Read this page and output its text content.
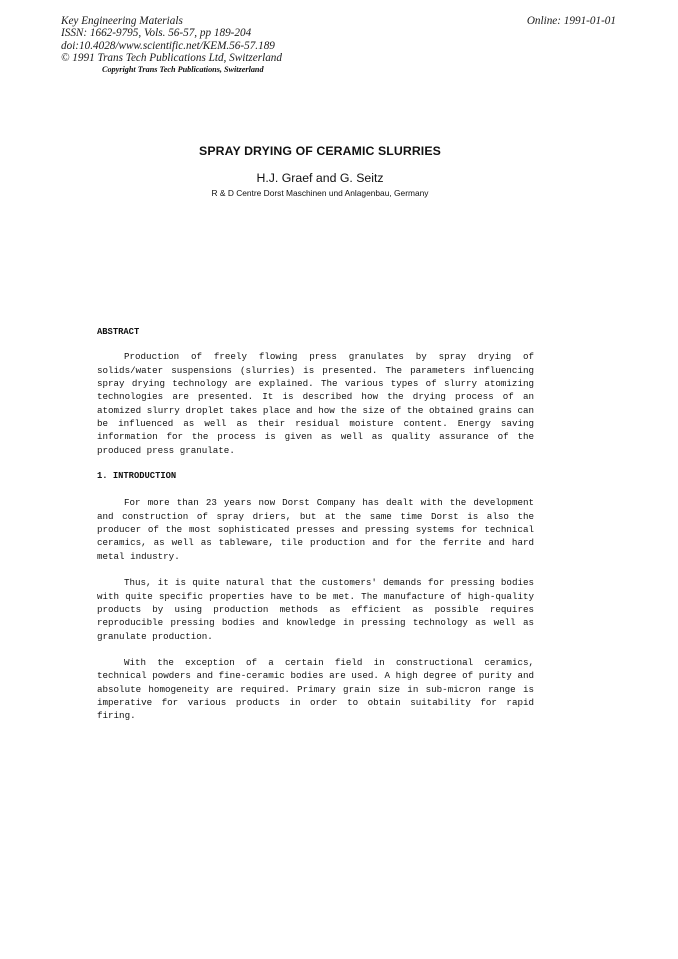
Key Engineering Materials
ISSN: 1662-9795, Vols. 56-57, pp 189-204
doi:10.4028/www.scientific.net/KEM.56-57.189
© 1991 Trans Tech Publications Ltd, Switzerland
Copyright Trans Tech Publications, Switzerland
Online: 1991-01-01
SPRAY DRYING OF CERAMIC SLURRIES
H.J. Graef and G. Seitz
R & D Centre Dorst Maschinen und Anlagenbau, Germany
ABSTRACT

Production of freely flowing press granulates by spray drying of solids/water suspensions (slurries) is presented. The parameters influencing spray drying technology are explained. The various types of slurry atomizing technologies are presented. It is described how the drying process of an atomized slurry droplet takes place and how the size of the obtained grains can be influenced as well as their residual moisture content. Energy saving information for the process is given as well as quality assurance of the produced press granulate.

1. INTRODUCTION

For more than 23 years now Dorst Company has dealt with the development and construction of spray driers, but at the same time Dorst is also the producer of the most sophisticated presses and pressing systems for technical ceramics, as well as tableware, tile production and for the ferrite and hard metal industry.

Thus, it is quite natural that the customers' demands for pressing bodies with quite specific properties have to be met. The manufacture of high-quality products by using production methods as efficient as possible requires reproducible pressing bodies and knowledge in pressing technology as well as granulate production.

With the exception of a certain field in constructional ceramics, technical powders and fine-ceramic bodies are used. A high degree of purity and absolute homogeneity are required. Primary grain size in sub-micron range is imperative for various products in order to obtain suitability for rapid firing.
